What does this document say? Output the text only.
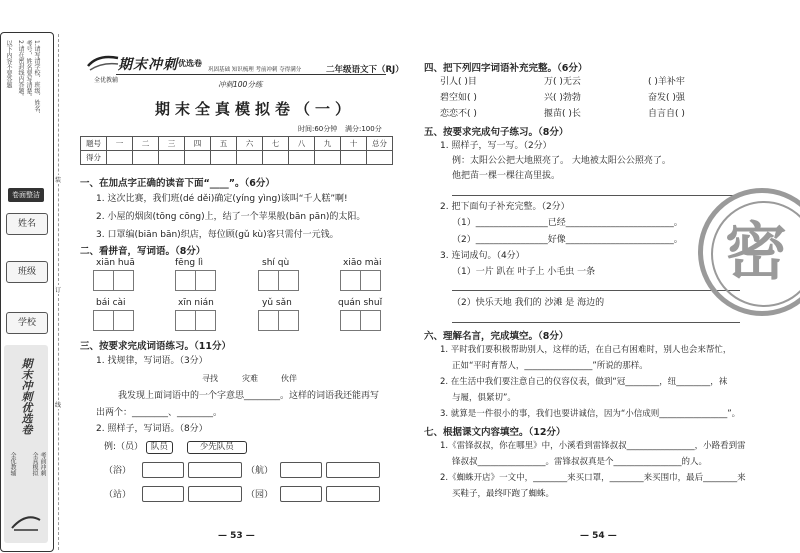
以下内容不要答题	1.请写清学校、班级、姓名、
考号，姓名要写清楚。
2.请在密封线内答题。
卷面整洁
姓名
班级
学校
期末冲刺优选卷
全优教辅	考前冲刺
全真模拟
装
订
线
期末冲刺 优选卷
全优教辅
巩固基础 知识梳理 考前冲刺 夺得满分	二年级语文下（RJ）
冲刺100分练
期末全真模拟卷（一）
时间:60分钟 满分:100分
题号	一	二	三	四	五	六	七	八	九	十	总分
得分											
一、在加点字正确的读音下面“____”。（6分）
1. 这次比赛，我们班(dé děi)确定(yíng yìng)该叫“千人糕”啊!
2. 小屋的烟囱(tōng cōng)上，结了一个苹果般(bān pān)的太阳。
3. 口罩编(biān bān)织店，每位顾(gǔ kù)客只需付一元钱。
二、看拼音，写词语。（8分）
xiān huā	fēng lì	shí qù	xiāo mài
bái cài	xīn nián	yǔ sǎn	quán shuǐ
三、按要求完成词语练习。（11分）
1. 找规律，写词语。（3分）
寻找	灾难	伙伴
我发现上面词语中的一个字意思________。这样的词语我还能再写
出两个：________、________。
2. 照样子，写词语。（8分）
例:（员） 队员	少先队员
（浴）	（航）
（站）	（园）
— 53 —
四、把下列四字词语补充完整。（6分）
引人( )目	万( )无云	( )羊补牢
碧空如( )	兴( )勃勃	奋发( )强
恋恋不( )	揠苗( )长	自言自( )
五、按要求完成句子练习。（8分）
1. 照样子，写一写。（2分）
例：太阳公公把大地照亮了。 大地被太阳公公照亮了。
他把苗一棵一棵往高里拔。
2. 把下面句子补充完整。（2分）
（1）________________已经________________________。
（2）________________好像________________________。
3. 连词成句。（4分）
（1）一片 趴在 叶子上 小毛虫 一条
（2）快乐天地 我们的 沙滩 是 海边的
六、理解名言，完成填空。（8分）
1. 平时我们要积极帮助别人，这样的话，在自己有困难时，别人也会来帮忙，
正如“平时育帮人，________________”所说的那样。
2. 在生活中我们要注意自己的仪容仪表，做到“冠________，纽________，袜
与履，俱紧切”。
3. 就算是一件很小的事，我们也要讲诚信，因为“小信成则________________”。
七、根据课文内容填空。（12分）
1.《雷锋叔叔，你在哪里》中，小溪看到雷锋叔叔________________，小路看到雷
锋叔叔________________。雷锋叔叔真是个________________的人。
2.《蜘蛛开店》一文中，________来买口罩，________来买围巾，最后________来
买鞋子，最终吓跑了蜘蛛。
— 54 —
密
